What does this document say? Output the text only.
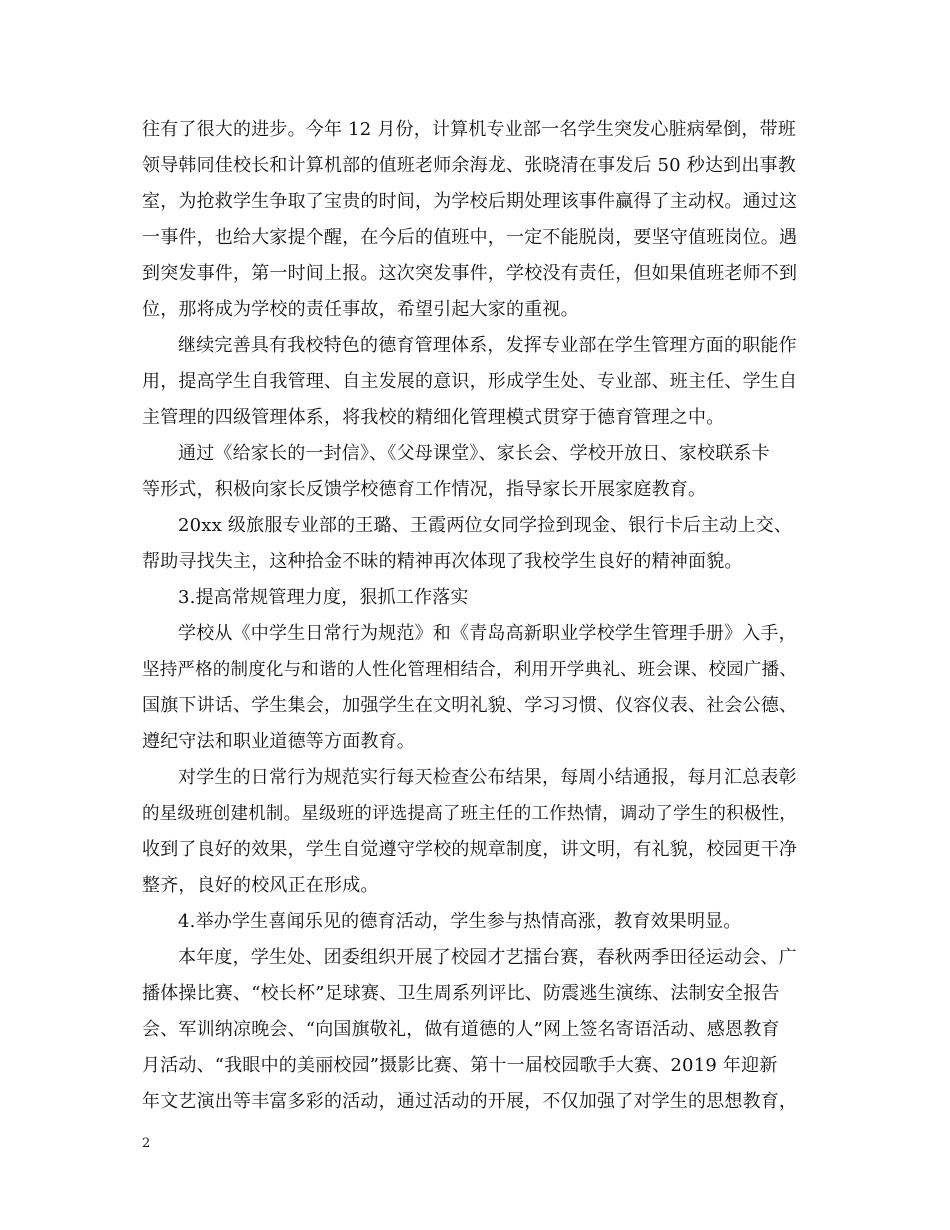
往有了很大的进步。今年 12 月份，计算机专业部一名学生突发心脏病晕倒，带班

领导韩同佳校长和计算机部的值班老师余海龙、张晓清在事发后 50 秒达到出事教

室，为抢救学生争取了宝贵的时间，为学校后期处理该事件赢得了主动权。通过这

一事件，也给大家提个醒，在今后的值班中，一定不能脱岗，要坚守值班岗位。遇

到突发事件，第一时间上报。这次突发事件，学校没有责任，但如果值班老师不到

位，那将成为学校的责任事故，希望引起大家的重视。

继续完善具有我校特色的德育管理体系，发挥专业部在学生管理方面的职能作

用，提高学生自我管理、自主发展的意识，形成学生处、专业部、班主任、学生自

主管理的四级管理体系，将我校的精细化管理模式贯穿于德育管理之中。

通过《给家长的一封信》、《父母课堂》、家长会、学校开放日、家校联系卡

等形式，积极向家长反馈学校德育工作情况，指导家长开展家庭教育。

20xx 级旅服专业部的王璐、王霞两位女同学捡到现金、银行卡后主动上交、

帮助寻找失主，这种拾金不昧的精神再次体现了我校学生良好的精神面貌。

3.提高常规管理力度，狠抓工作落实

学校从《中学生日常行为规范》和《青岛高新职业学校学生管理手册》入手，

坚持严格的制度化与和谐的人性化管理相结合，利用开学典礼、班会课、校园广播、

国旗下讲话、学生集会，加强学生在文明礼貌、学习习惯、仪容仪表、社会公德、

遵纪守法和职业道德等方面教育。

对学生的日常行为规范实行每天检查公布结果，每周小结通报，每月汇总表彰

的星级班创建机制。星级班的评选提高了班主任的工作热情，调动了学生的积极性，

收到了良好的效果，学生自觉遵守学校的规章制度，讲文明，有礼貌，校园更干净

整齐，良好的校风正在形成。

4.举办学生喜闻乐见的德育活动，学生参与热情高涨，教育效果明显。

本年度，学生处、团委组织开展了校园才艺擂台赛，春秋两季田径运动会、广

播体操比赛、“校长杯”足球赛、卫生周系列评比、防震逃生演练、法制安全报告

会、军训纳凉晚会、“向国旗敬礼，做有道德的人”网上签名寄语活动、感恩教育

月活动、“我眼中的美丽校园”摄影比赛、第十一届校园歌手大赛、2019 年迎新

年文艺演出等丰富多彩的活动，通过活动的开展，不仅加强了对学生的思想教育，

2
